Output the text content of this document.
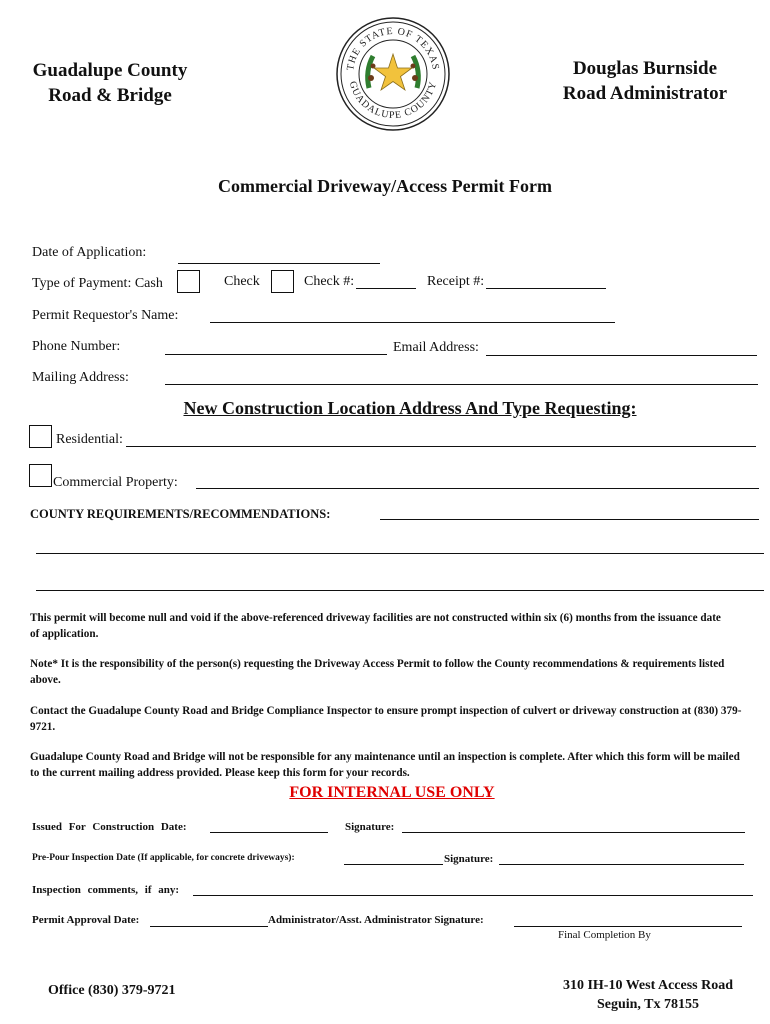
Guadalupe County
Road & Bridge
THE STATE OF TEXAS
GUADALUPE COUNTY
Douglas Burnside
Road Administrator
Commercial Driveway/Access Permit Form
Date of Application:
Type of Payment: Cash	Check	Check #:	Receipt #:
Permit Requestor's Name:
Phone Number:	Email Address:
Mailing Address:
New Construction Location Address And Type Requesting:
Residential:
Commercial Property:
COUNTY REQUIREMENTS/RECOMMENDATIONS:
This permit will become null and void if the above-referenced driveway facilities are not constructed within six (6) months from the issuance date of application.
Note* It is the responsibility of the person(s) requesting the Driveway Access Permit to follow the County recommendations & requirements listed above.
Contact the Guadalupe County Road and Bridge Compliance Inspector to ensure prompt inspection of culvert or driveway construction at (830) 379-9721.
Guadalupe County Road and Bridge will not be responsible for any maintenance until an inspection is complete. After which this form will be mailed to the current mailing address provided. Please keep this form for your records.
FOR INTERNAL USE ONLY
Issued For Construction Date:	Signature:
Pre-Pour Inspection Date (If applicable, for concrete driveways):	Signature:
Inspection comments, if any:
Permit Approval Date:	Administrator/Asst. Administrator Signature:
Final Completion By
Office (830) 379-9721	310 IH-10 West Access Road
Seguin, Tx 78155
